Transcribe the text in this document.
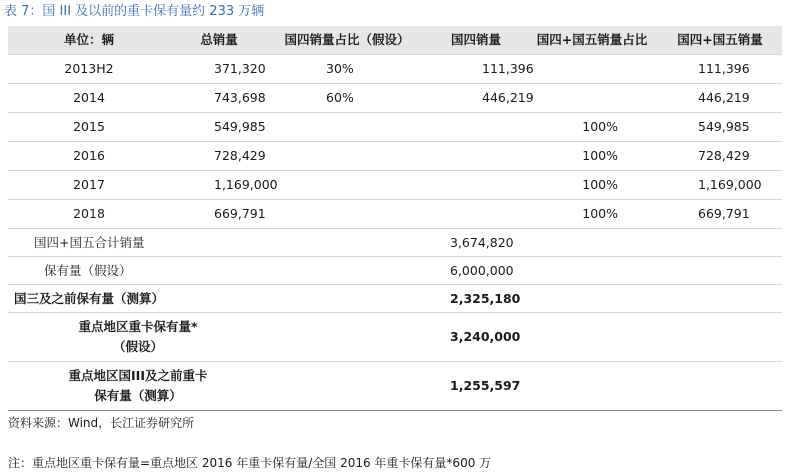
表 7：国 III 及以前的重卡保有量约 233 万辆
单位：辆	总销量	国四销量占比（假设）	国四销量	国四+国五销量占比	国四+国五销量
2013H2	371,320	30%	111,396		111,396
2014	743,698	60%	446,219		446,219
2015	549,985			100%	549,985
2016	728,429			100%	728,429
2017	1,169,000			100%	1,169,000
2018	669,791			100%	669,791
国四+国五合计销量			3,674,820		
保有量（假设）			6,000,000		
国三及之前保有量（测算）			2,325,180		

重点地区重卡保有量*
（假设）			3,240,000		

重点地区国III及之前重卡
保有量（测算）			1,255,597		
资料来源：Wind，长江证券研究所
注：重点地区重卡保有量=重点地区 2016 年重卡保有量/全国 2016 年重卡保有量*600 万
